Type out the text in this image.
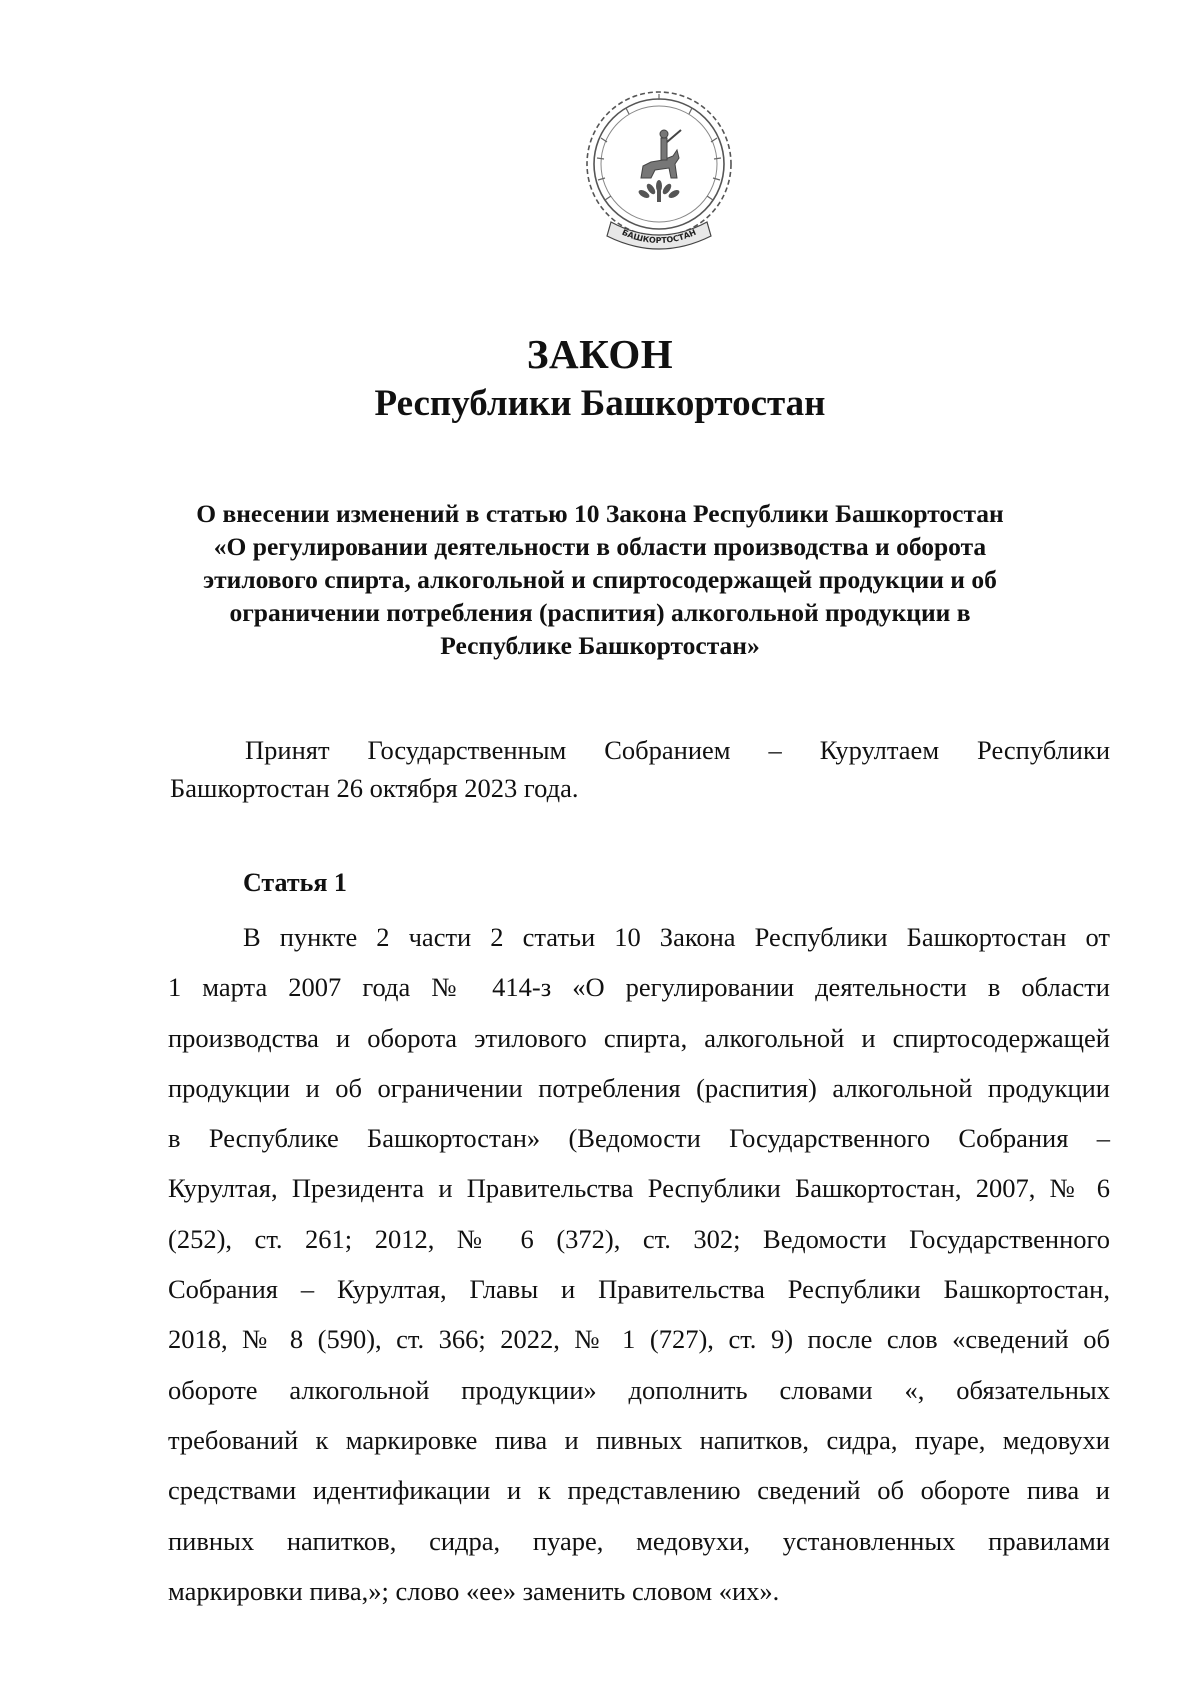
БАШКОРТОСТАН
ЗАКОН
Республики Башкортостан
О внесении изменений в статью 10 Закона Республики Башкортостан
«О регулировании деятельности в области производства и оборота
этилового спирта, алкогольной и спиртосодержащей продукции и об
ограничении потребления (распития) алкогольной продукции в
Республике Башкортостан»
Принят Государственным Собранием – Курултаем Республики
Башкортостан 26 октября 2023 года.
Статья 1
В пункте 2 части 2 статьи 10 Закона Республики Башкортостан от
1 марта 2007 года № 414-з «О регулировании деятельности в области
производства и оборота этилового спирта, алкогольной и спиртосодержащей
продукции и об ограничении потребления (распития) алкогольной продукции
в Республике Башкортостан» (Ведомости Государственного Собрания –
Курултая, Президента и Правительства Республики Башкортостан, 2007, № 6
(252), ст. 261; 2012, № 6 (372), ст. 302; Ведомости Государственного
Собрания – Курултая, Главы и Правительства Республики Башкортостан,
2018, № 8 (590), ст. 366; 2022, № 1 (727), ст. 9) после слов «сведений об
обороте алкогольной продукции» дополнить словами «, обязательных
требований к маркировке пива и пивных напитков, сидра, пуаре, медовухи
средствами идентификации и к представлению сведений об обороте пива и
пивных напитков, сидра, пуаре, медовухи, установленных правилами
маркировки пива,»; слово «ее» заменить словом «их».
